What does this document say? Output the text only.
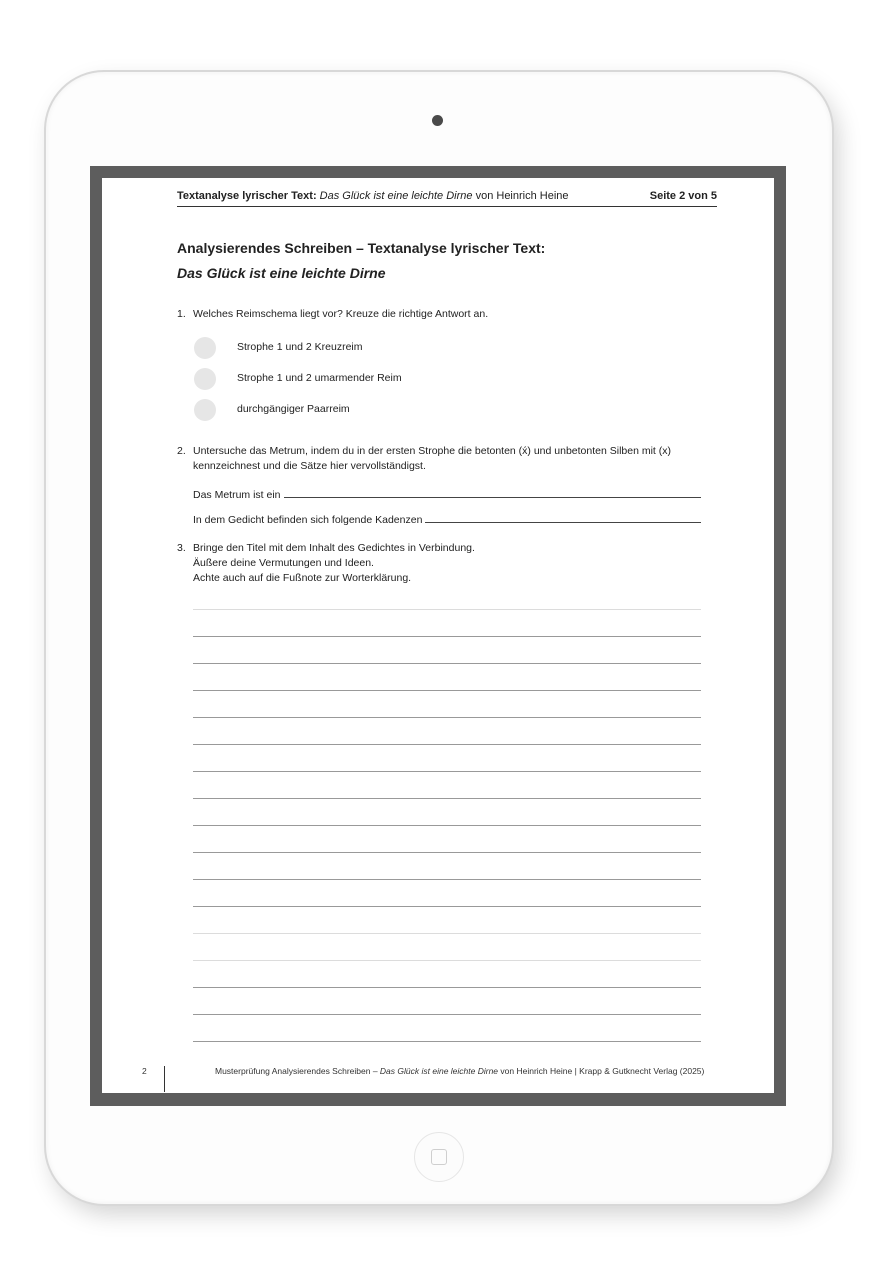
Textanalyse lyrischer Text: Das Glück ist eine leichte Dirne von Heinrich Heine	Seite 2 von 5
Analysierendes Schreiben – Textanalyse lyrischer Text:
Das Glück ist eine leichte Dirne
1. Welches Reimschema liegt vor? Kreuze die richtige Antwort an.
Strophe 1 und 2 Kreuzreim
Strophe 1 und 2 umarmender Reim
durchgängiger Paarreim
2. Untersuche das Metrum, indem du in der ersten Strophe die betonten (x́) und unbetonten Silben mit (x) kennzeichnest und die Sätze hier vervollständigst.
Das Metrum ist ein
In dem Gedicht befinden sich folgende Kadenzen
3. Bringe den Titel mit dem Inhalt des Gedichtes in Verbindung.
Äußere deine Vermutungen und Ideen.
Achte auch auf die Fußnote zur Worterklärung.
2	Musterprüfung Analysierendes Schreiben – Das Glück ist eine leichte Dirne von Heinrich Heine | Krapp & Gutknecht Verlag (2025)
